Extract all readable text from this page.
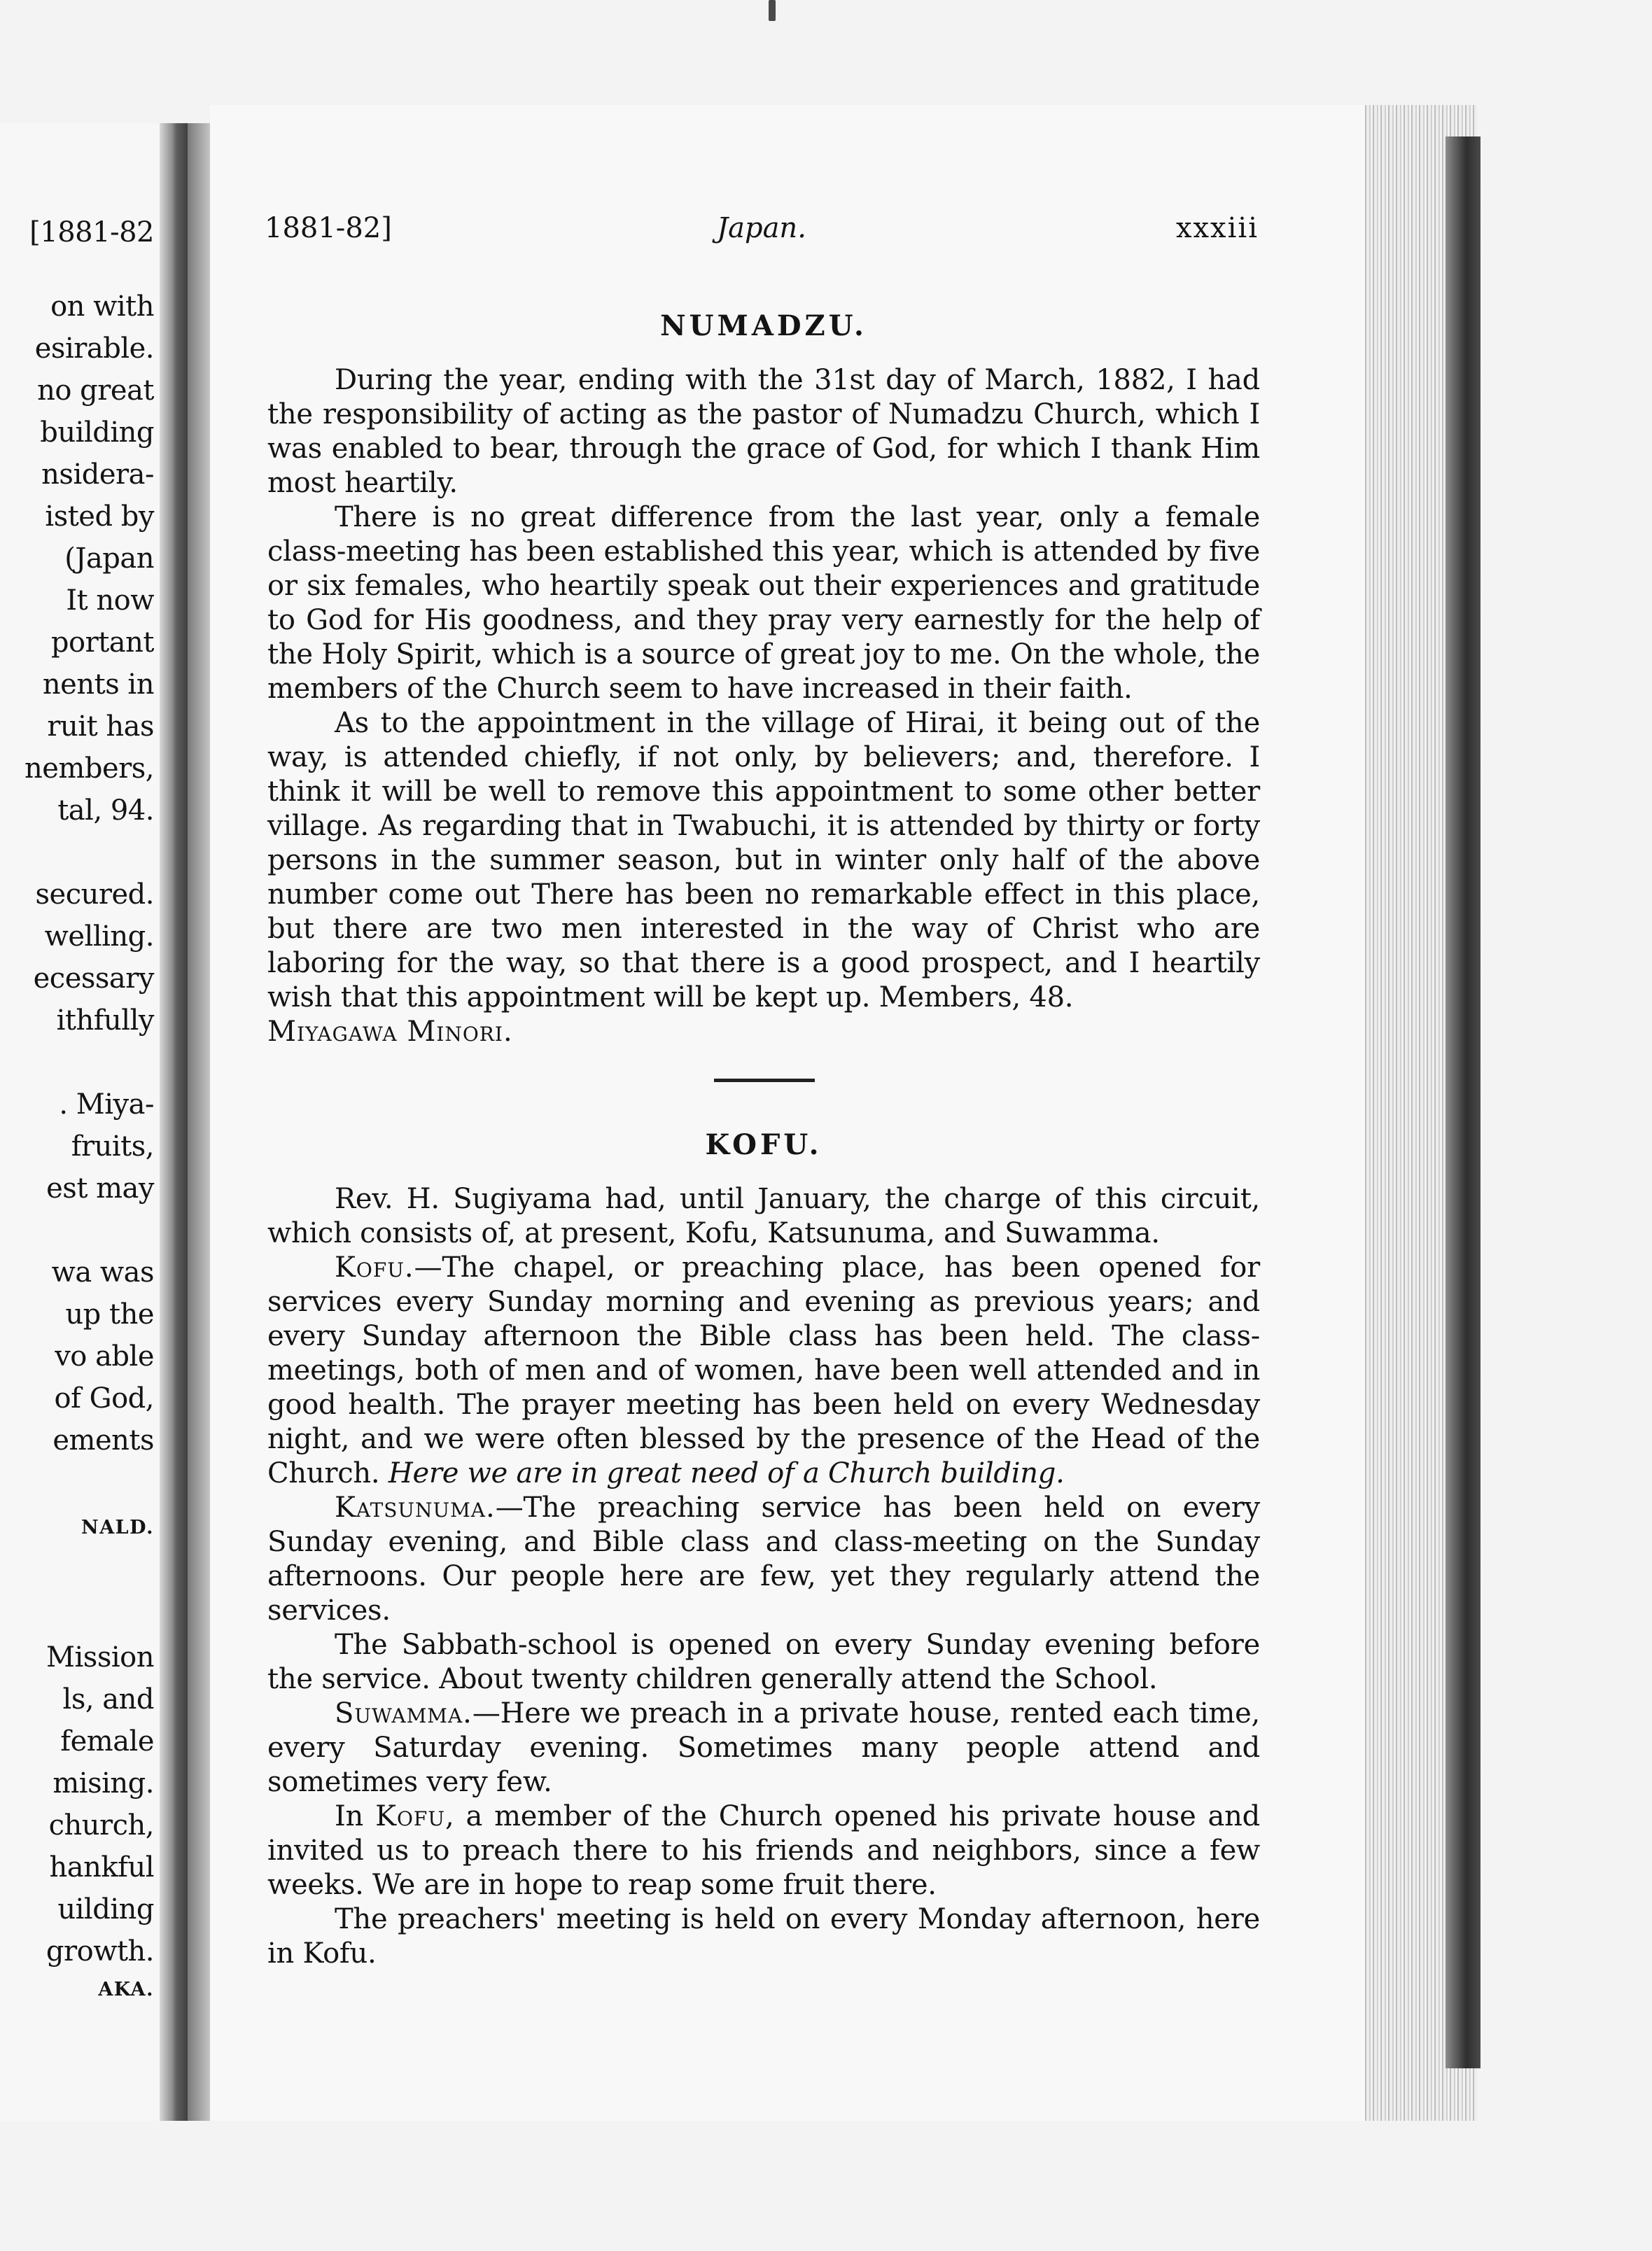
[1881-82
on with
esirable.
no great
building
nsidera-
isted by
(Japan
It now
portant
nents in
ruit has
nembers,
tal, 94.
secured.
welling.
ecessary
ithfully
. Miya-
fruits,
est may
wa was
up the
vo able
of God,
ements
NALD.
Mission
ls, and
female
mising.
church,
hankful
uilding
growth.
AKA.
1881-82]	Japan.	xxxiii
NUMADZU.

During the year, ending with the 31st day of March, 1882, I had the responsibility of acting as the pastor of Numadzu Church, which I was enabled to bear, through the grace of God, for which I thank Him most heartily.

There is no great difference from the last year, only a female class-meeting has been established this year, which is attended by five or six females, who heartily speak out their experiences and gratitude to God for His goodness, and they pray very earnestly for the help of the Holy Spirit, which is a source of great joy to me. On the whole, the members of the Church seem to have increased in their faith.

As to the appointment in the village of Hirai, it being out of the way, is attended chiefly, if not only, by believers; and, therefore. I think it will be well to remove this appointment to some other better village. As regarding that in Twabuchi, it is attended by thirty or forty persons in the summer season, but in winter only half of the above number come out There has been no remarkable effect in this place, but there are two men interested in the way of Christ who are laboring for the way, so that there is a good prospect, and I heartily wish that this appointment will be kept up. Members, 48.

Miyagawa Minori.

KOFU.

Rev. H. Sugiyama had, until January, the charge of this circuit, which consists of, at present, Kofu, Katsunuma, and Suwamma.

Kofu.—The chapel, or preaching place, has been opened for services every Sunday morning and evening as previous years; and every Sunday afternoon the Bible class has been held. The class-meetings, both of men and of women, have been well attended and in good health. The prayer meeting has been held on every Wednesday night, and we were often blessed by the presence of the Head of the Church. Here we are in great need of a Church building.

Katsunuma.—The preaching service has been held on every Sunday evening, and Bible class and class-meeting on the Sunday afternoons. Our people here are few, yet they regularly attend the services.

The Sabbath-school is opened on every Sunday evening before the service. About twenty children generally attend the School.

Suwamma.—Here we preach in a private house, rented each time, every Saturday evening. Sometimes many people attend and sometimes very few.

In Kofu, a member of the Church opened his private house and invited us to preach there to his friends and neighbors, since a few weeks. We are in hope to reap some fruit there.

The preachers' meeting is held on every Monday afternoon, here in Kofu.
